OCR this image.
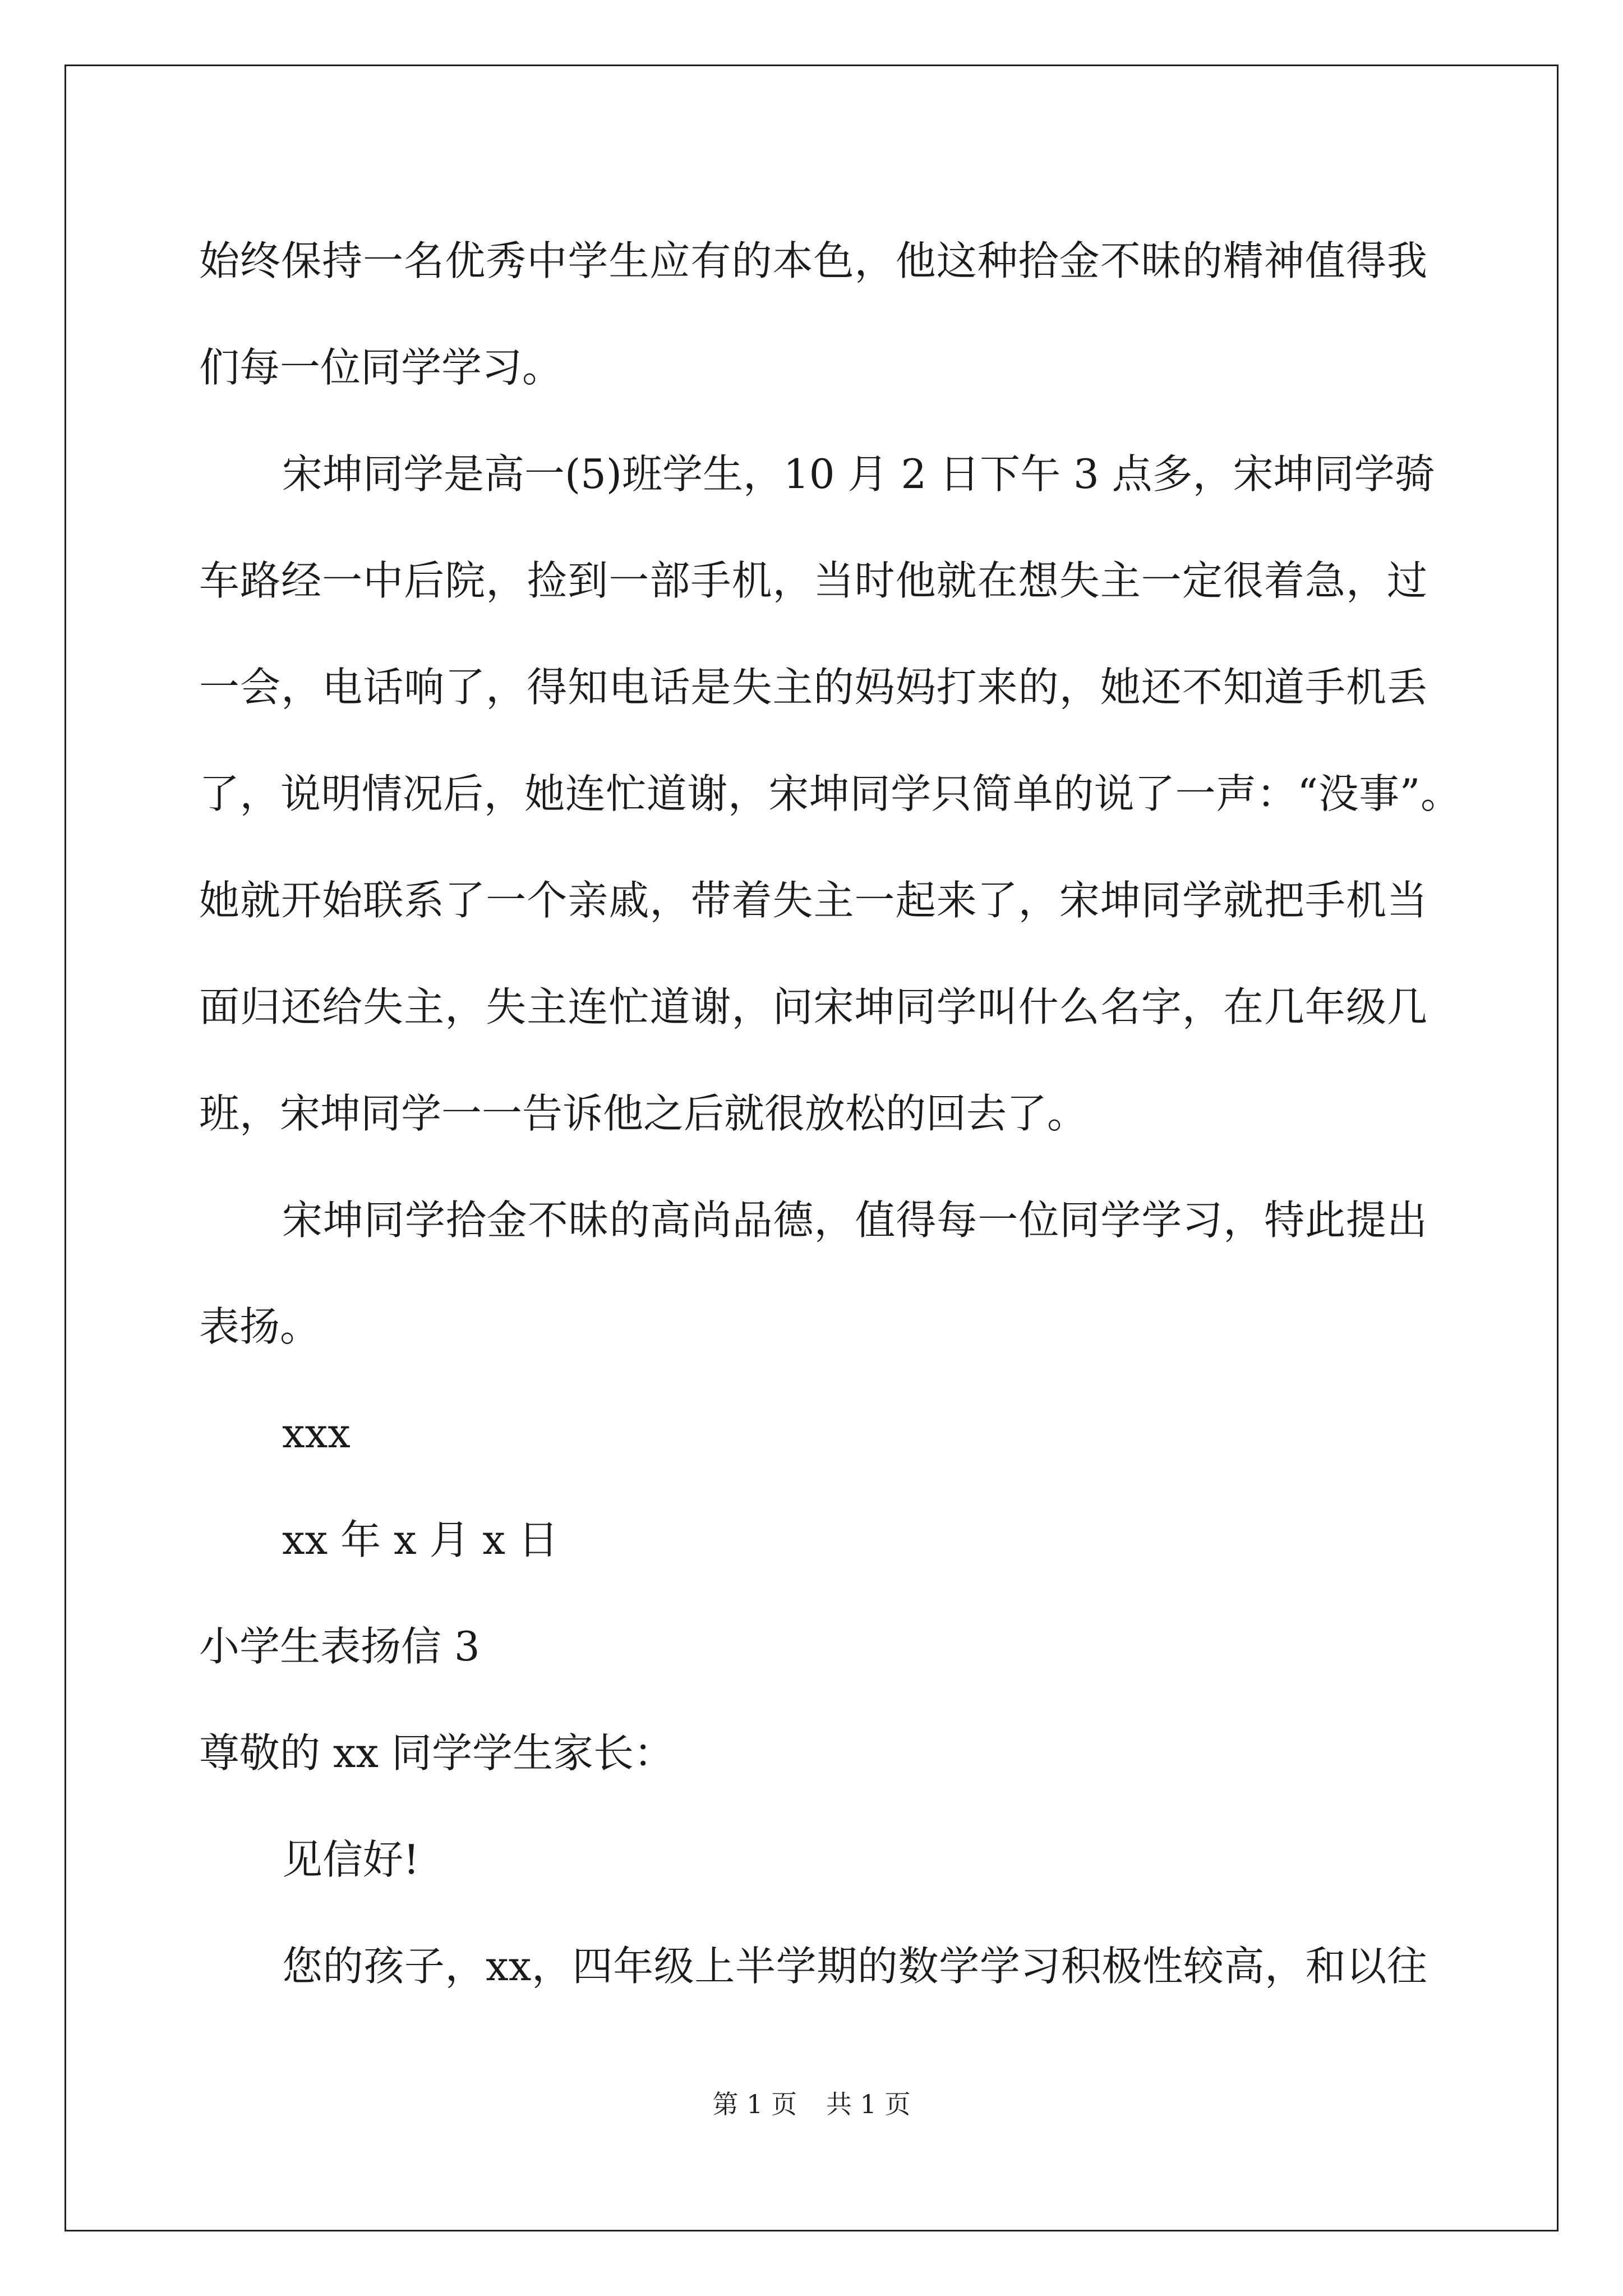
始终保持一名优秀中学生应有的本色，他这种拾金不昧的精神值得我
们每一位同学学习。
宋坤同学是高一(5)班学生，10 月 2 日下午 3 点多，宋坤同学骑
车路经一中后院，捡到一部手机，当时他就在想失主一定很着急，过
一会，电话响了，得知电话是失主的妈妈打来的，她还不知道手机丢
了，说明情况后，她连忙道谢，宋坤同学只简单的说了一声：“没事”。
她就开始联系了一个亲戚，带着失主一起来了，宋坤同学就把手机当
面归还给失主，失主连忙道谢，问宋坤同学叫什么名字，在几年级几
班，宋坤同学一一告诉他之后就很放松的回去了。
宋坤同学拾金不昧的高尚品德，值得每一位同学学习，特此提出
表扬。
xxx
xx 年 x 月 x 日
小学生表扬信 3
尊敬的 xx 同学学生家长：
见信好!
您的孩子，xx，四年级上半学期的数学学习积极性较高，和以往
第 1 页 共 1 页
